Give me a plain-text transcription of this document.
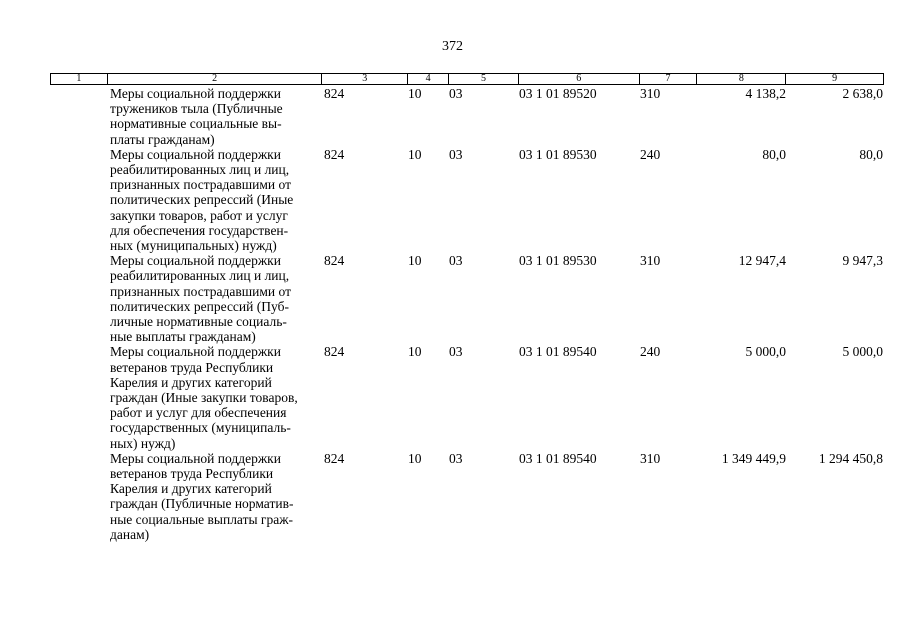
372
1	2	3	4	5	6	7	8	9
Меры социальной поддержки
тружеников тыла (Публичные
нормативные социальные вы-
платы гражданам)
824	10	03	03 1 01 89520	310	4 138,2	2 638,0
Меры социальной поддержки
реабилитированных лиц и лиц,
признанных пострадавшими от
политических репрессий (Иные
закупки товаров, работ и услуг
для обеспечения государствен-
ных (муниципальных) нужд)
824	10	03	03 1 01 89530	240	80,0	80,0
Меры социальной поддержки
реабилитированных лиц и лиц,
признанных пострадавшими от
политических репрессий (Пуб-
личные нормативные социаль-
ные выплаты гражданам)
824	10	03	03 1 01 89530	310	12 947,4	9 947,3
Меры социальной поддержки
ветеранов труда Республики
Карелия и других категорий
граждан (Иные закупки товаров,
работ и услуг для обеспечения
государственных (муниципаль-
ных) нужд)
824	10	03	03 1 01 89540	240	5 000,0	5 000,0
Меры социальной поддержки
ветеранов труда Республики
Карелия и других категорий
граждан (Публичные норматив-
ные социальные выплаты граж-
данам)
824	10	03	03 1 01 89540	310	1 349 449,9	1 294 450,8
